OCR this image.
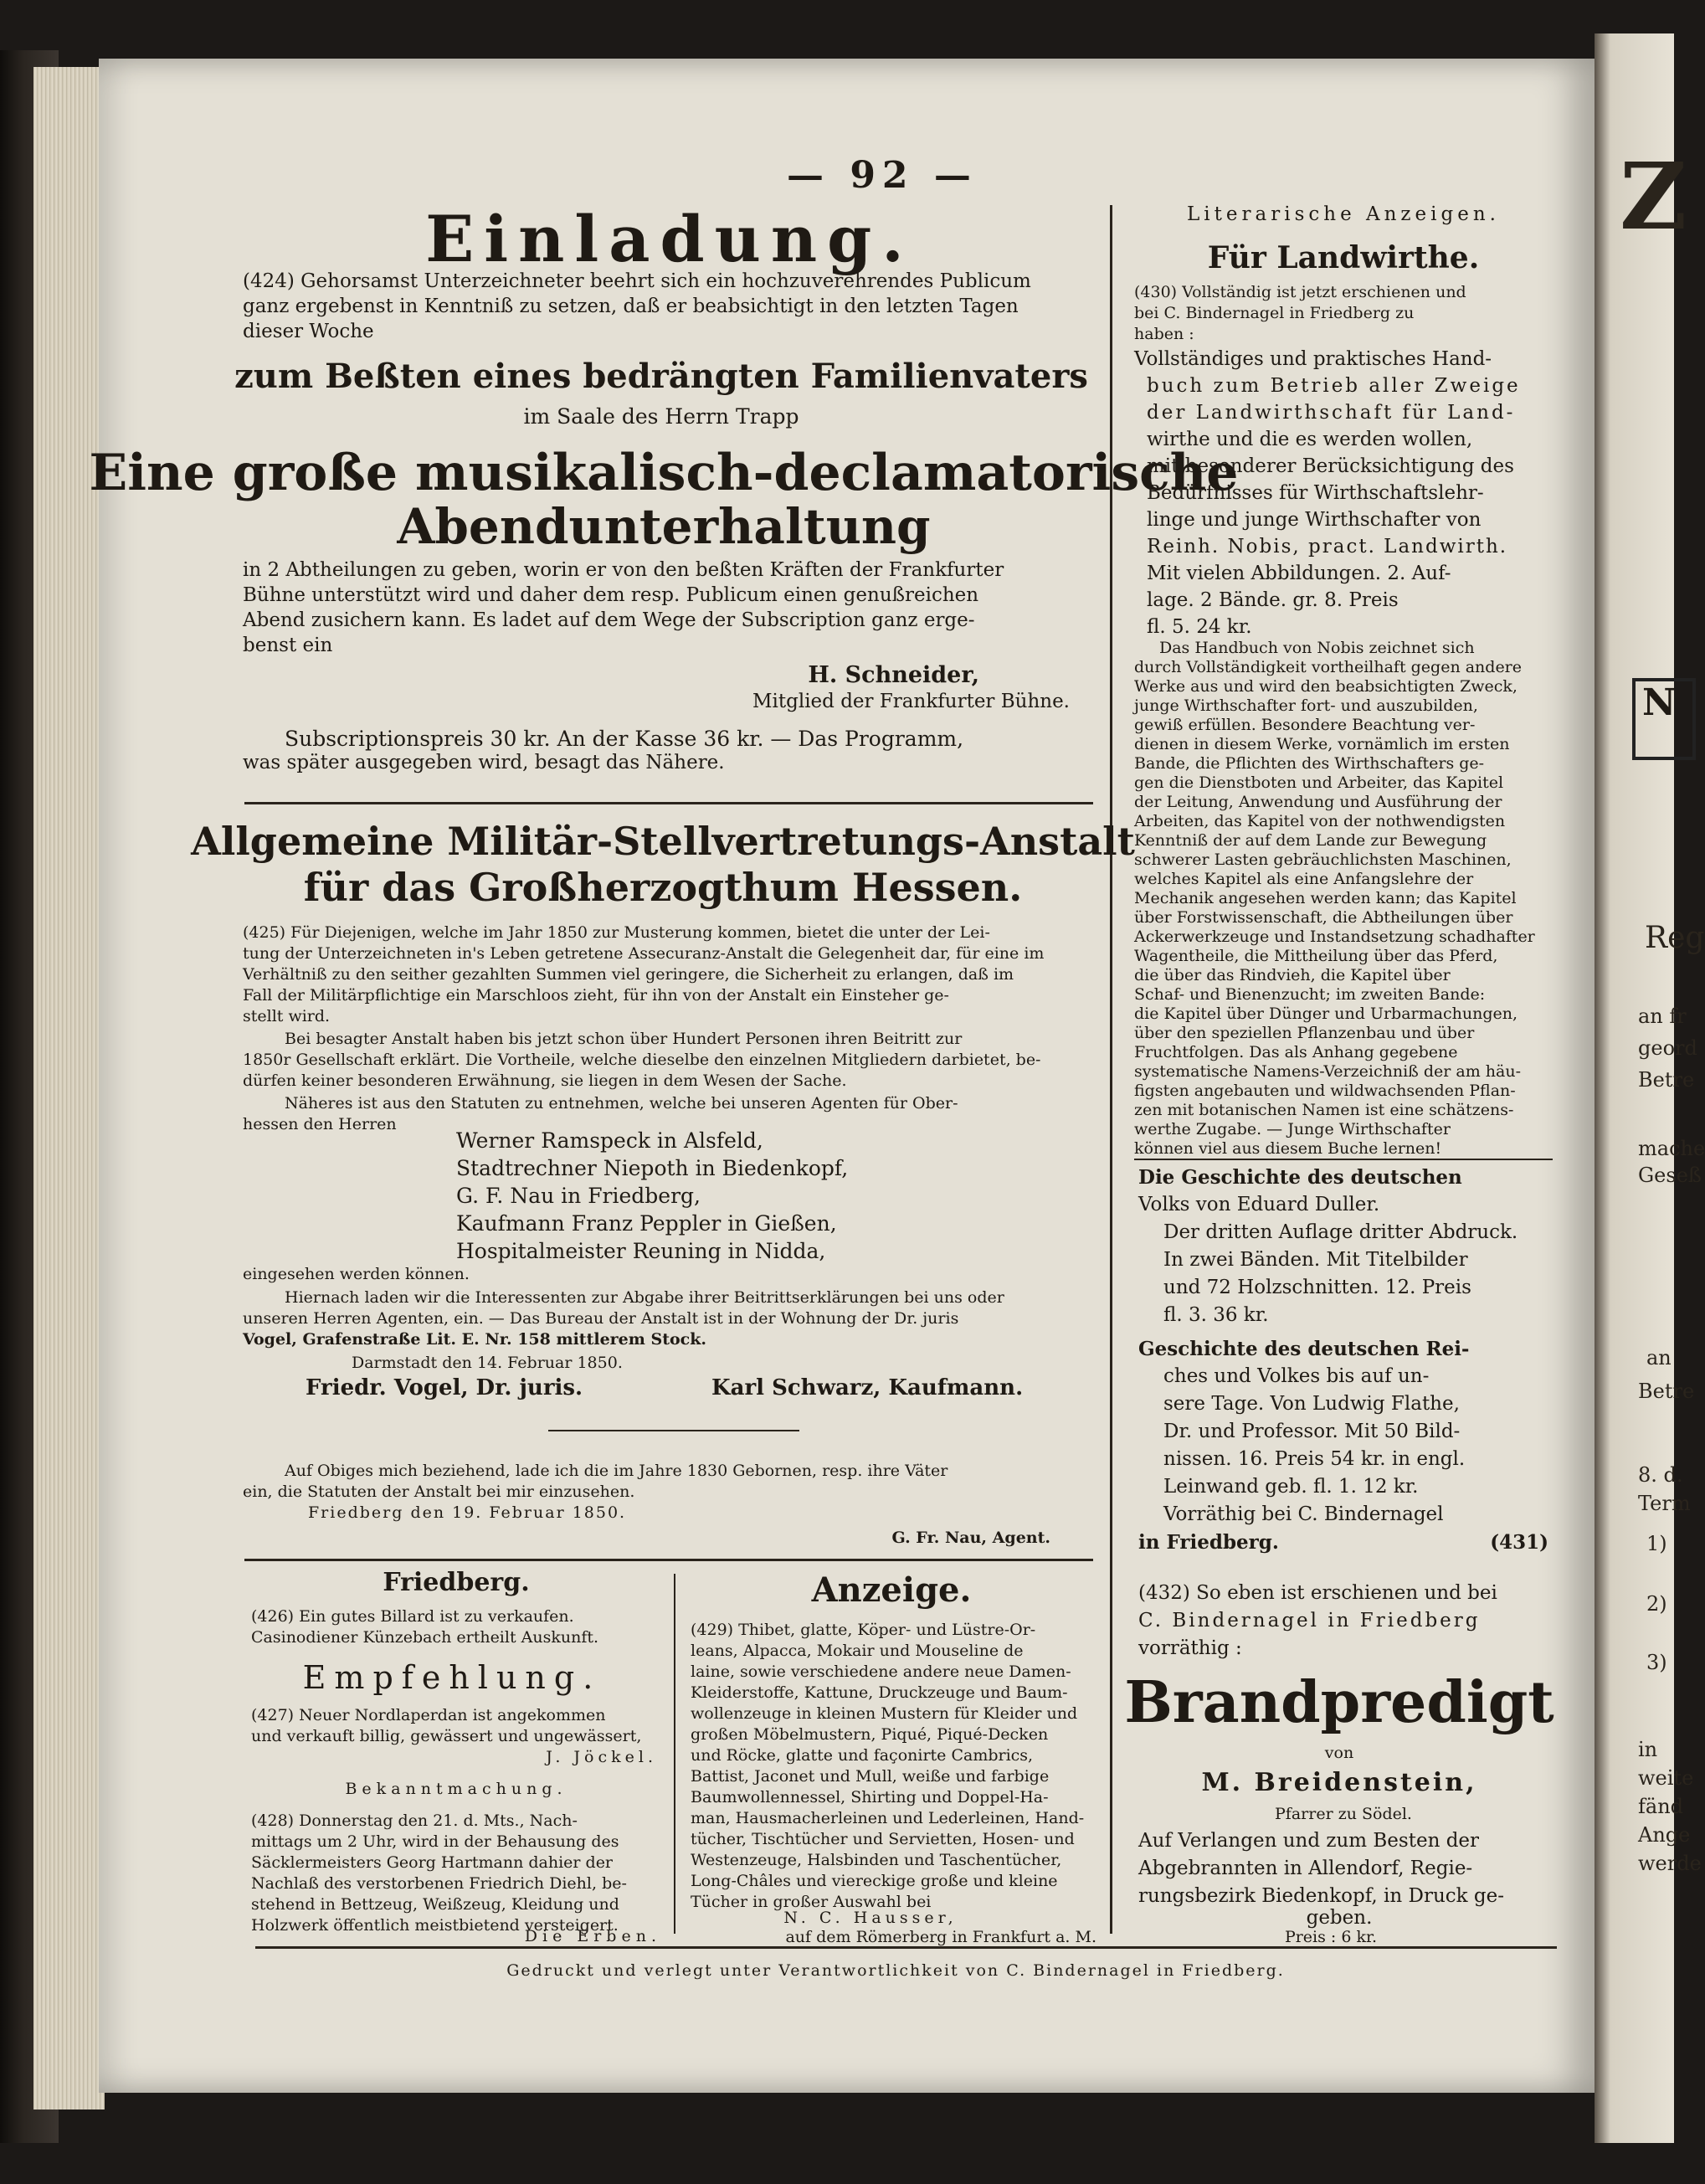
Z
N
Reg
an fr
geord
Betre
mache
Geseß
an
Betre
8. d.
Term
1)
2)
3)
in
weite
fänd
Ange
werde
— 92 —
Einladung.
(424) Gehorsamst Unterzeichneter beehrt sich ein hochzuverehrendes Publicum
ganz ergebenst in Kenntniß zu setzen, daß er beabsichtigt in den letzten Tagen
dieser Woche
zum Beßten eines bedrängten Familienvaters
im Saale des Herrn Trapp
Eine große musikalisch-declamatorische
Abendunterhaltung
in 2 Abtheilungen zu geben, worin er von den beßten Kräften der Frankfurter
Bühne unterstützt wird und daher dem resp. Publicum einen genußreichen
Abend zusichern kann. Es ladet auf dem Wege der Subscription ganz erge-
benst ein
H. Schneider,
Mitglied der Frankfurter Bühne.
Subscriptionspreis 30 kr. An der Kasse 36 kr. — Das Programm,
was später ausgegeben wird, besagt das Nähere.
Allgemeine Militär-Stellvertretungs-Anstalt
für das Großherzogthum Hessen.
(425) Für Diejenigen, welche im Jahr 1850 zur Musterung kommen, bietet die unter der Lei-
tung der Unterzeichneten in's Leben getretene Assecuranz-Anstalt die Gelegenheit dar, für eine im
Verhältniß zu den seither gezahlten Summen viel geringere, die Sicherheit zu erlangen, daß im
Fall der Militärpflichtige ein Marschloos zieht, für ihn von der Anstalt ein Einsteher ge-
stellt wird.
Bei besagter Anstalt haben bis jetzt schon über Hundert Personen ihren Beitritt zur
1850r Gesellschaft erklärt. Die Vortheile, welche dieselbe den einzelnen Mitgliedern darbietet, be-
dürfen keiner besonderen Erwähnung, sie liegen in dem Wesen der Sache.
Näheres ist aus den Statuten zu entnehmen, welche bei unseren Agenten für Ober-
hessen den Herren
Werner Ramspeck in Alsfeld,
Stadtrechner Niepoth in Biedenkopf,
G. F. Nau in Friedberg,
Kaufmann Franz Peppler in Gießen,
Hospitalmeister Reuning in Nidda,
eingesehen werden können.
Hiernach laden wir die Interessenten zur Abgabe ihrer Beitrittserklärungen bei uns oder
unseren Herren Agenten, ein. — Das Bureau der Anstalt ist in der Wohnung der Dr. juris
Vogel, Grafenstraße Lit. E. Nr. 158 mittlerem Stock.
Darmstadt den 14. Februar 1850.
Friedr. Vogel, Dr. juris.	Karl Schwarz, Kaufmann.
Auf Obiges mich beziehend, lade ich die im Jahre 1830 Gebornen, resp. ihre Väter
ein, die Statuten der Anstalt bei mir einzusehen.
Friedberg den 19. Februar 1850.
G. Fr. Nau, Agent.
Friedberg.
(426) Ein gutes Billard ist zu verkaufen.
Casinodiener Künzebach ertheilt Auskunft.
Empfehlung.
(427) Neuer Nordlaperdan ist angekommen
und verkauft billig, gewässert und ungewässert,
J. Jöckel.
Bekanntmachung.
(428) Donnerstag den 21. d. Mts., Nach-
mittags um 2 Uhr, wird in der Behausung des
Säcklermeisters Georg Hartmann dahier der
Nachlaß des verstorbenen Friedrich Diehl, be-
stehend in Bettzeug, Weißzeug, Kleidung und
Holzwerk öffentlich meistbietend versteigert.
Die Erben.
Anzeige.
(429) Thibet, glatte, Köper- und Lüstre-Or-
leans, Alpacca, Mokair und Mouseline de
laine, sowie verschiedene andere neue Damen-
Kleiderstoffe, Kattune, Druckzeuge und Baum-
wollenzeuge in kleinen Mustern für Kleider und
großen Möbelmustern, Piqué, Piqué-Decken
und Röcke, glatte und façonirte Cambrics,
Battist, Jaconet und Mull, weiße und farbige
Baumwollennessel, Shirting und Doppel-Ha-
man, Hausmacherleinen und Lederleinen, Hand-
tücher, Tischtücher und Servietten, Hosen- und
Westenzeuge, Halsbinden und Taschentücher,
Long-Châles und viereckige große und kleine
Tücher in großer Auswahl bei
N. C. Hausser,
auf dem Römerberg in Frankfurt a. M.
Literarische Anzeigen.
Für Landwirthe.
(430) Vollständig ist jetzt erschienen und
bei C. Bindernagel in Friedberg zu
haben :
Vollständiges und praktisches Hand-
buch zum Betrieb aller Zweige
der Landwirthschaft für Land-
wirthe und die es werden wollen,
mit besonderer Berücksichtigung des
Bedürfnisses für Wirthschaftslehr-
linge und junge Wirthschafter von
Reinh. Nobis, pract. Landwirth.
Mit vielen Abbildungen. 2. Auf-
lage. 2 Bände. gr. 8. Preis
fl. 5. 24 kr.
Das Handbuch von Nobis zeichnet sich
durch Vollständigkeit vortheilhaft gegen andere
Werke aus und wird den beabsichtigten Zweck,
junge Wirthschafter fort- und auszubilden,
gewiß erfüllen. Besondere Beachtung ver-
dienen in diesem Werke, vornämlich im ersten
Bande, die Pflichten des Wirthschafters ge-
gen die Dienstboten und Arbeiter, das Kapitel
der Leitung, Anwendung und Ausführung der
Arbeiten, das Kapitel von der nothwendigsten
Kenntniß der auf dem Lande zur Bewegung
schwerer Lasten gebräuchlichsten Maschinen,
welches Kapitel als eine Anfangslehre der
Mechanik angesehen werden kann; das Kapitel
über Forstwissenschaft, die Abtheilungen über
Ackerwerkzeuge und Instandsetzung schadhafter
Wagentheile, die Mittheilung über das Pferd,
die über das Rindvieh, die Kapitel über
Schaf- und Bienenzucht; im zweiten Bande:
die Kapitel über Dünger und Urbarmachungen,
über den speziellen Pflanzenbau und über
Fruchtfolgen. Das als Anhang gegebene
systematische Namens-Verzeichniß der am häu-
figsten angebauten und wildwachsenden Pflan-
zen mit botanischen Namen ist eine schätzens-
werthe Zugabe. — Junge Wirthschafter
können viel aus diesem Buche lernen!
Die Geschichte des deutschen
Volks von Eduard Duller.
Der dritten Auflage dritter Abdruck.
In zwei Bänden. Mit Titelbilder
und 72 Holzschnitten. 12. Preis
fl. 3. 36 kr.
Geschichte des deutschen Rei-
ches und Volkes bis auf un-
sere Tage. Von Ludwig Flathe,
Dr. und Professor. Mit 50 Bild-
nissen. 16. Preis 54 kr. in engl.
Leinwand geb. fl. 1. 12 kr.
Vorräthig bei C. Bindernagel
in Friedberg.	(431)
(432) So eben ist erschienen und bei
C. Bindernagel in Friedberg
vorräthig :
Brandpredigt
von
M. Breidenstein,
Pfarrer zu Södel.
Auf Verlangen und zum Besten der
Abgebrannten in Allendorf, Regie-
rungsbezirk Biedenkopf, in Druck ge-
geben.
Preis : 6 kr.
Gedruckt und verlegt unter Verantwortlichkeit von C. Bindernagel in Friedberg.
